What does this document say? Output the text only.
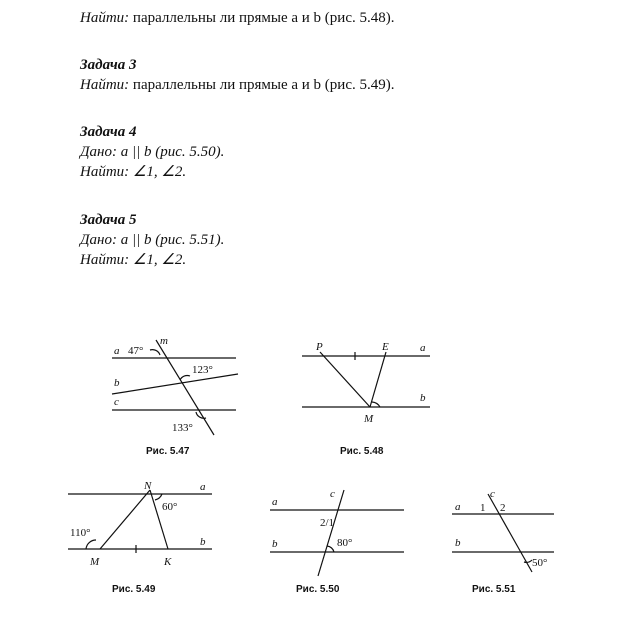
Найти: параллельны ли прямые a и b (рис. 5.48).
Задача 3
Найти: параллельны ли прямые a и b (рис. 5.49).
Задача 4
Дано: a || b (рис. 5.50).
Найти: ∠1, ∠2.
Задача 5
Дано: a || b (рис. 5.51).
Найти: ∠1, ∠2.
a
b
c
m
47°
123°
133°
P	E	a
b
M
N	a
b
M	K
60°
110°
a
b
c
2/1
80°
a
b
c
1 2
50°
Рис. 5.47	Рис. 5.48
Рис. 5.49	Рис. 5.50	Рис. 5.51
